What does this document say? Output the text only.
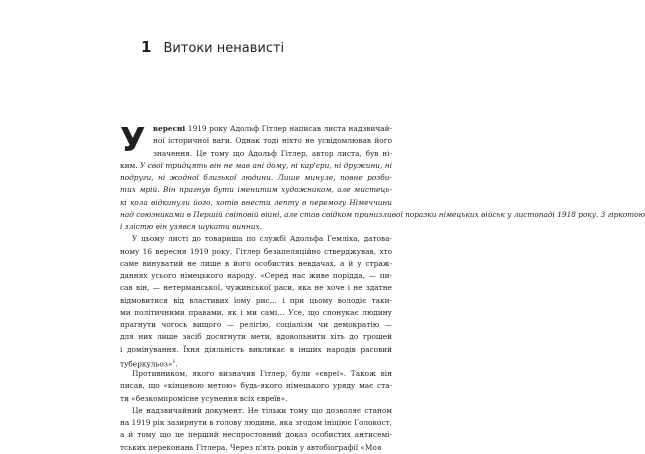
1 Витоки ненависті
У	вересні 1919 року Адольф Гітлер написав листа надзвичай-
ної історичної ваги. Однак тоді ніхто не усвідомлював його
значення. Це тому що Адольф Гітлер, автор листа, був ні-
ким. У свої тридцять він не мав ані дому, ні кар'єри, ні дружини, ні
подруги, ні жодної близької людини. Лише минуле, повне розби-
тих мрій. Він прагнув бути іменитим художником, але мистець-
кі кола відкинули його, хотів внести лепту в перемогу Німеччини
над союзниками в Першій світовій війні, але став свідком принизливої поразки німецьких військ у листопаді 1918 року. З гіркотою
і злістю він узявся шукати винних.
У цьому листі до товариша по службі Адольфа Гемліха, датова-
ному 16 вересня 1919 року, Гітлер безапеляційно стверджував, хто
саме винуватий не лише в його особистих невдачах, а й у страж-
даннях усього німецького народу. «Серед нас живе порідда, — пи-
сав він, — нетерманської, чужинської раси, яка не хоче і не здатне
відмовитися від властивих їому рис… і при цьому володіє таки-
ми політичними правами, як і ми самі… Усе, що спонукає людину
прагнути чогось вищого — релігію, соціалізм чи демократію —
для них лише засіб досягнути мети, вдовольнити хіть до грошей
і домінування. Їхня діяльність викликає в інших народів расовий
туберкульоз»$^1$.
Противником, якого визначив Гітлер, були «євреї». Також він
писав, що «кінцевою метою» будь-якого німецького уряду має ста-
ти «безкомпромісне усунення всіх євреїв».
Це надзвичайний документ. Не тільки тому що дозволяє станом
на 1919 рік зазирнути в голову людини, яка згодом ініціює Голокост,
а й тому що це перший неспростовний доказ особистих антисемі-
тських переконань Гітлера. Через п'ять років у автобіографії «Моя
